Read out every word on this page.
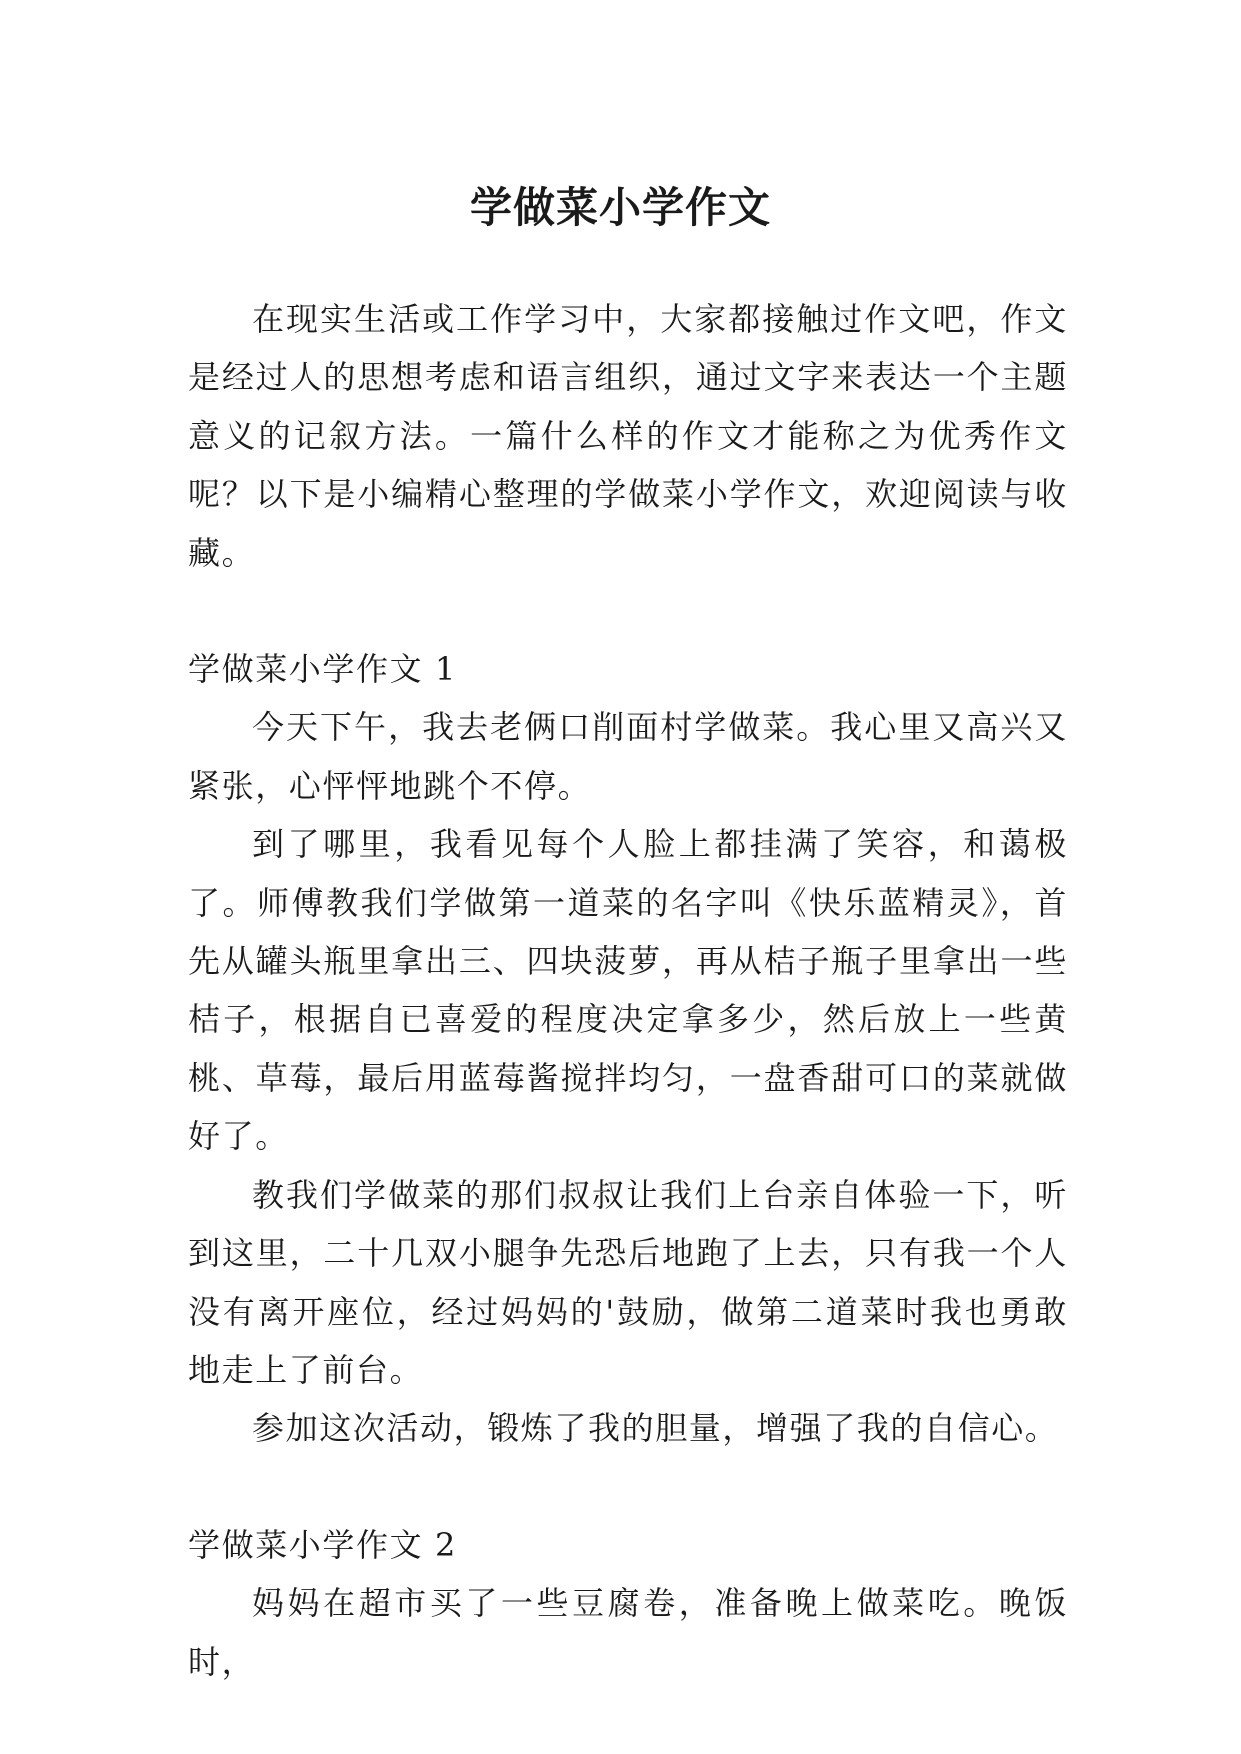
学做菜小学作文

在现实生活或工作学习中，大家都接触过作文吧，作文是经过人的思想考虑和语言组织，通过文字来表达一个主题意义的记叙方法。一篇什么样的作文才能称之为优秀作文呢？以下是小编精心整理的学做菜小学作文，欢迎阅读与收藏。

学做菜小学作文 1

今天下午，我去老俩口削面村学做菜。我心里又高兴又紧张，心怦怦地跳个不停。

到了哪里，我看见每个人脸上都挂满了笑容，和蔼极了。师傅教我们学做第一道菜的名字叫《快乐蓝精灵》，首先从罐头瓶里拿出三、四块菠萝，再从桔子瓶子里拿出一些桔子，根据自已喜爱的程度决定拿多少，然后放上一些黄桃、草莓，最后用蓝莓酱搅拌均匀，一盘香甜可口的菜就做好了。

教我们学做菜的那们叔叔让我们上台亲自体验一下，听到这里，二十几双小腿争先恐后地跑了上去，只有我一个人没有离开座位，经过妈妈的'鼓励，做第二道菜时我也勇敢地走上了前台。

参加这次活动，锻炼了我的胆量，增强了我的自信心。

学做菜小学作文 2

妈妈在超市买了一些豆腐卷，准备晚上做菜吃。晚饭时，
